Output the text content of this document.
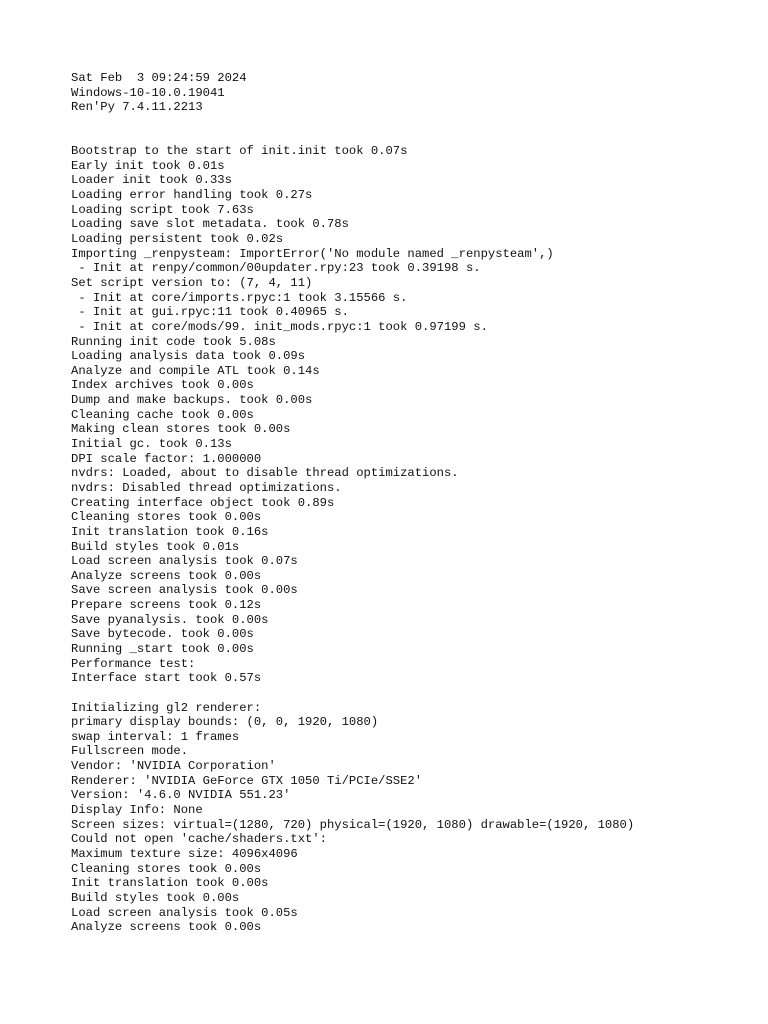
Sat Feb  3 09:24:59 2024
Windows-10-10.0.19041
Ren'Py 7.4.11.2213
Bootstrap to the start of init.init took 0.07s
Early init took 0.01s
Loader init took 0.33s
Loading error handling took 0.27s
Loading script took 7.63s
Loading save slot metadata. took 0.78s
Loading persistent took 0.02s
Importing _renpysteam: ImportError('No module named _renpysteam',)
- Init at renpy/common/00updater.rpy:23 took 0.39198 s.
Set script version to: (7, 4, 11)
- Init at core/imports.rpyc:1 took 3.15566 s.
- Init at gui.rpyc:11 took 0.40965 s.
- Init at core/mods/99. init_mods.rpyc:1 took 0.97199 s.
Running init code took 5.08s
Loading analysis data took 0.09s
Analyze and compile ATL took 0.14s
Index archives took 0.00s
Dump and make backups. took 0.00s
Cleaning cache took 0.00s
Making clean stores took 0.00s
Initial gc. took 0.13s
DPI scale factor: 1.000000
nvdrs: Loaded, about to disable thread optimizations.
nvdrs: Disabled thread optimizations.
Creating interface object took 0.89s
Cleaning stores took 0.00s
Init translation took 0.16s
Build styles took 0.01s
Load screen analysis took 0.07s
Analyze screens took 0.00s
Save screen analysis took 0.00s
Prepare screens took 0.12s
Save pyanalysis. took 0.00s
Save bytecode. took 0.00s
Running _start took 0.00s
Performance test:
Interface start took 0.57s
Initializing gl2 renderer:
primary display bounds: (0, 0, 1920, 1080)
swap interval: 1 frames
Fullscreen mode.
Vendor: 'NVIDIA Corporation'
Renderer: 'NVIDIA GeForce GTX 1050 Ti/PCIe/SSE2'
Version: '4.6.0 NVIDIA 551.23'
Display Info: None
Screen sizes: virtual=(1280, 720) physical=(1920, 1080) drawable=(1920, 1080)
Could not open 'cache/shaders.txt':
Maximum texture size: 4096x4096
Cleaning stores took 0.00s
Init translation took 0.00s
Build styles took 0.00s
Load screen analysis took 0.05s
Analyze screens took 0.00s
